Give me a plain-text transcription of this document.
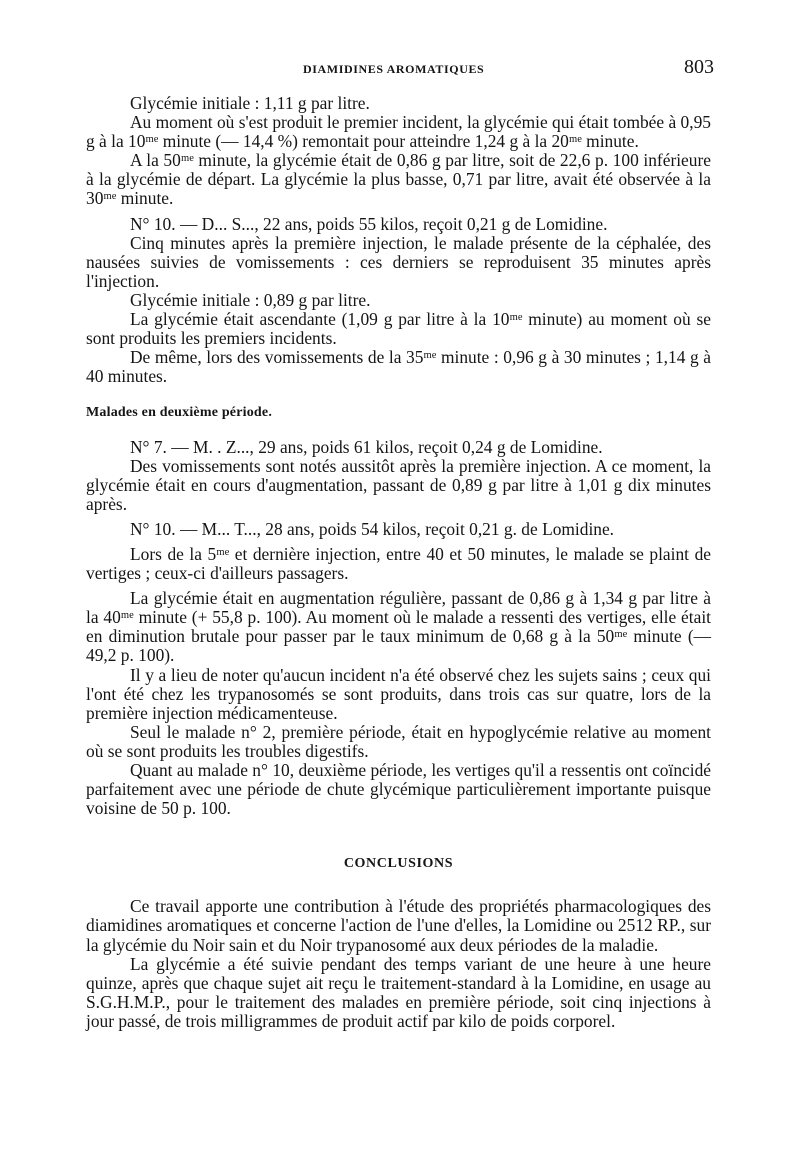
DIAMIDINES AROMATIQUES	803

Glycémie initiale : 1,11 g par litre.

Au moment où s'est produit le premier incident, la glycémie qui était tombée à 0,95 g à la 10ᵐᵉ minute (— 14,4 %) remontait pour atteindre 1,24 g à la 20ᵐᵉ minute.

A la 50ᵐᵉ minute, la glycémie était de 0,86 g par litre, soit de 22,6 p. 100 inférieure à la glycémie de départ. La glycémie la plus basse, 0,71 par litre, avait été observée à la 30ᵐᵉ minute.

N° 10. — D... S..., 22 ans, poids 55 kilos, reçoit 0,21 g de Lomidine.

Cinq minutes après la première injection, le malade présente de la céphalée, des nausées suivies de vomissements : ces derniers se reproduisent 35 minutes après l'injection.

Glycémie initiale : 0,89 g par litre.

La glycémie était ascendante (1,09 g par litre à la 10ᵐᵉ minute) au moment où se sont produits les premiers incidents.

De même, lors des vomissements de la 35ᵐᵉ minute : 0,96 g à 30 minutes ; 1,14 g à 40 minutes.

Malades en deuxième période.

N° 7. — M. . Z..., 29 ans, poids 61 kilos, reçoit 0,24 g de Lomidine.

Des vomissements sont notés aussitôt après la première injection. A ce moment, la glycémie était en cours d'augmentation, passant de 0,89 g par litre à 1,01 g dix minutes après.

N° 10. — M... T..., 28 ans, poids 54 kilos, reçoit 0,21 g. de Lomidine.

Lors de la 5ᵐᵉ et dernière injection, entre 40 et 50 minutes, le malade se plaint de vertiges ; ceux-ci d'ailleurs passagers.

La glycémie était en augmentation régulière, passant de 0,86 g à 1,34 g par litre à la 40ᵐᵉ minute (+ 55,8 p. 100). Au moment où le malade a ressenti des vertiges, elle était en diminution brutale pour passer par le taux minimum de 0,68 g à la 50ᵐᵉ minute (— 49,2 p. 100).

Il y a lieu de noter qu'aucun incident n'a été observé chez les sujets sains ; ceux qui l'ont été chez les trypanosomés se sont produits, dans trois cas sur quatre, lors de la première injection médicamenteuse.

Seul le malade n° 2, première période, était en hypoglycémie relative au moment où se sont produits les troubles digestifs.

Quant au malade n° 10, deuxième période, les vertiges qu'il a ressentis ont coïncidé parfaitement avec une période de chute glycémique particulièrement importante puisque voisine de 50 p. 100.

CONCLUSIONS

Ce travail apporte une contribution à l'étude des propriétés pharmacologiques des diamidines aromatiques et concerne l'action de l'une d'elles, la Lomidine ou 2512 RP., sur la glycémie du Noir sain et du Noir trypanosomé aux deux périodes de la maladie.

La glycémie a été suivie pendant des temps variant de une heure à une heure quinze, après que chaque sujet ait reçu le traitement-standard à la Lomidine, en usage au S.G.H.M.P., pour le traitement des malades en première période, soit cinq injections à jour passé, de trois milligrammes de produit actif par kilo de poids corporel.
